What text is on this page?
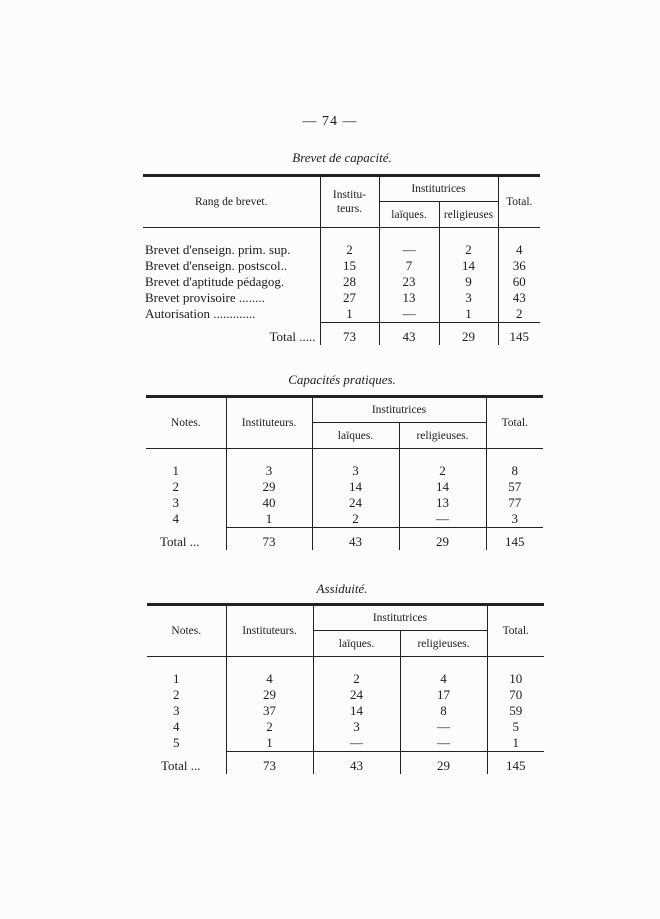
— 74 —
Brevet de capacité.
Rang de brevet.	Institu-
teurs.	Institutrices		Total.
		laïques.	religieuses	

Brevet d'enseign. prim. sup.	2	—	2	4
Brevet d'enseign. postscol..	15	7	14	36
Brevet d'aptitude pédagog.	28	23	9	60
Brevet provisoire ........	27	13	3	43
Autorisation .............	1	—	1	2
Total .....	73	43	29	145
Capacités pratiques.
Notes.	Instituteurs.	Institutrices		Total.
		laïques.	religieuses.	

1	3	3	2	8
2	29	14	14	57
3	40	24	13	77
4	1	2	—	3
Total ...	73	43	29	145
Assiduité.
Notes.	Instituteurs.	Institutrices		Total.
		laïques.	religieuses.	

1	4	2	4	10
2	29	24	17	70
3	37	14	8	59
4	2	3	—	5
5	1	—	—	1
Total ...	73	43	29	145
